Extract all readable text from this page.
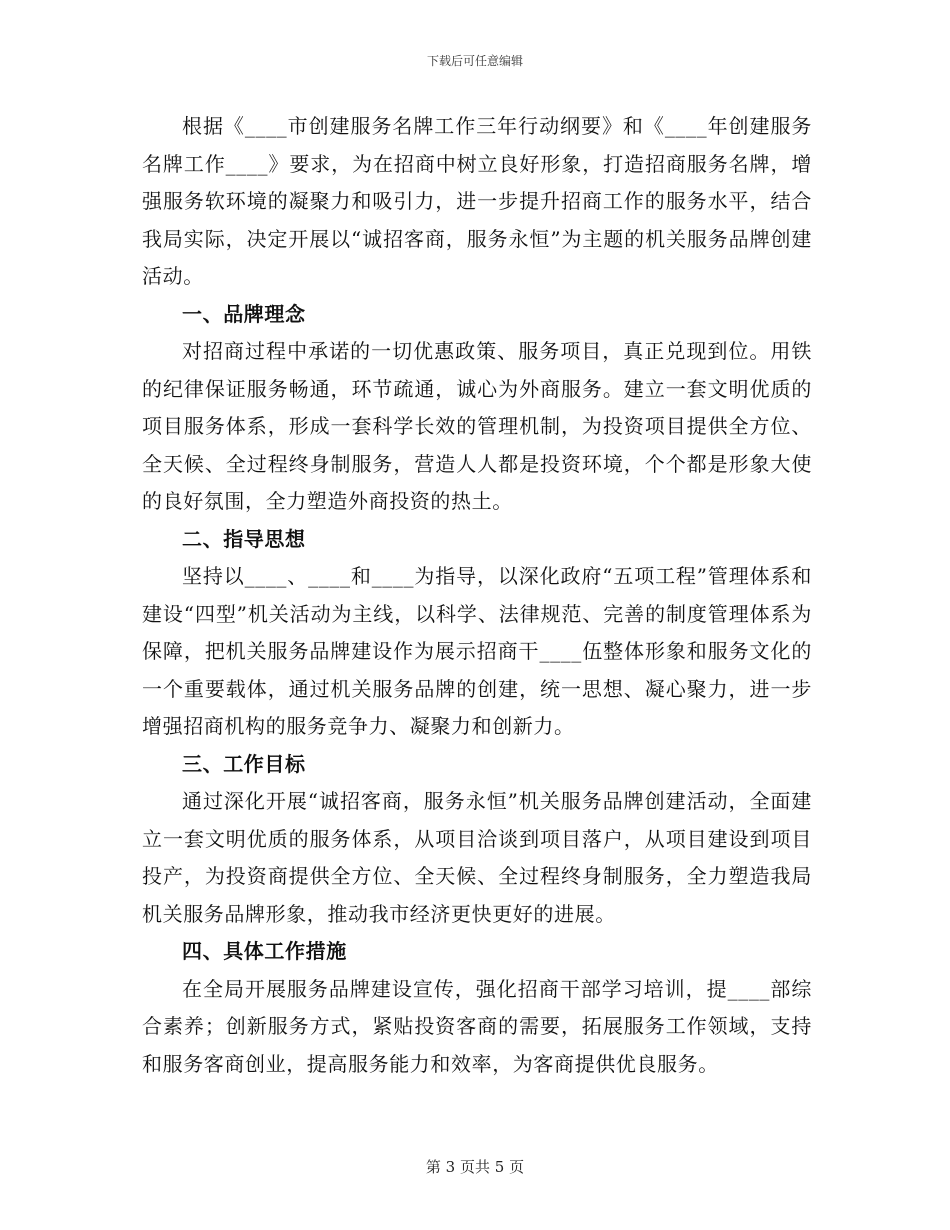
下载后可任意编辑

根据《____市创建服务名牌工作三年行动纲要》和《____年创建服务名牌工作____》要求，为在招商中树立良好形象，打造招商服务名牌，增强服务软环境的凝聚力和吸引力，进一步提升招商工作的服务水平，结合我局实际，决定开展以“诚招客商，服务永恒”为主题的机关服务品牌创建活动。

一、品牌理念

对招商过程中承诺的一切优惠政策、服务项目，真正兑现到位。用铁的纪律保证服务畅通，环节疏通，诚心为外商服务。建立一套文明优质的项目服务体系，形成一套科学长效的管理机制，为投资项目提供全方位、全天候、全过程终身制服务，营造人人都是投资环境，个个都是形象大使的良好氛围，全力塑造外商投资的热土。

二、指导思想

坚持以____、____和____为指导，以深化政府“五项工程”管理体系和建设“四型”机关活动为主线，以科学、法律规范、完善的制度管理体系为保障，把机关服务品牌建设作为展示招商干____伍整体形象和服务文化的一个重要载体，通过机关服务品牌的创建，统一思想、凝心聚力，进一步增强招商机构的服务竞争力、凝聚力和创新力。

三、工作目标

通过深化开展“诚招客商，服务永恒”机关服务品牌创建活动，全面建立一套文明优质的服务体系，从项目洽谈到项目落户，从项目建设到项目投产，为投资商提供全方位、全天候、全过程终身制服务，全力塑造我局机关服务品牌形象，推动我市经济更快更好的进展。

四、具体工作措施

在全局开展服务品牌建设宣传，强化招商干部学习培训，提____部综合素养；创新服务方式，紧贴投资客商的需要，拓展服务工作领域，支持和服务客商创业，提高服务能力和效率，为客商提供优良服务。

第 3 页共 5 页
